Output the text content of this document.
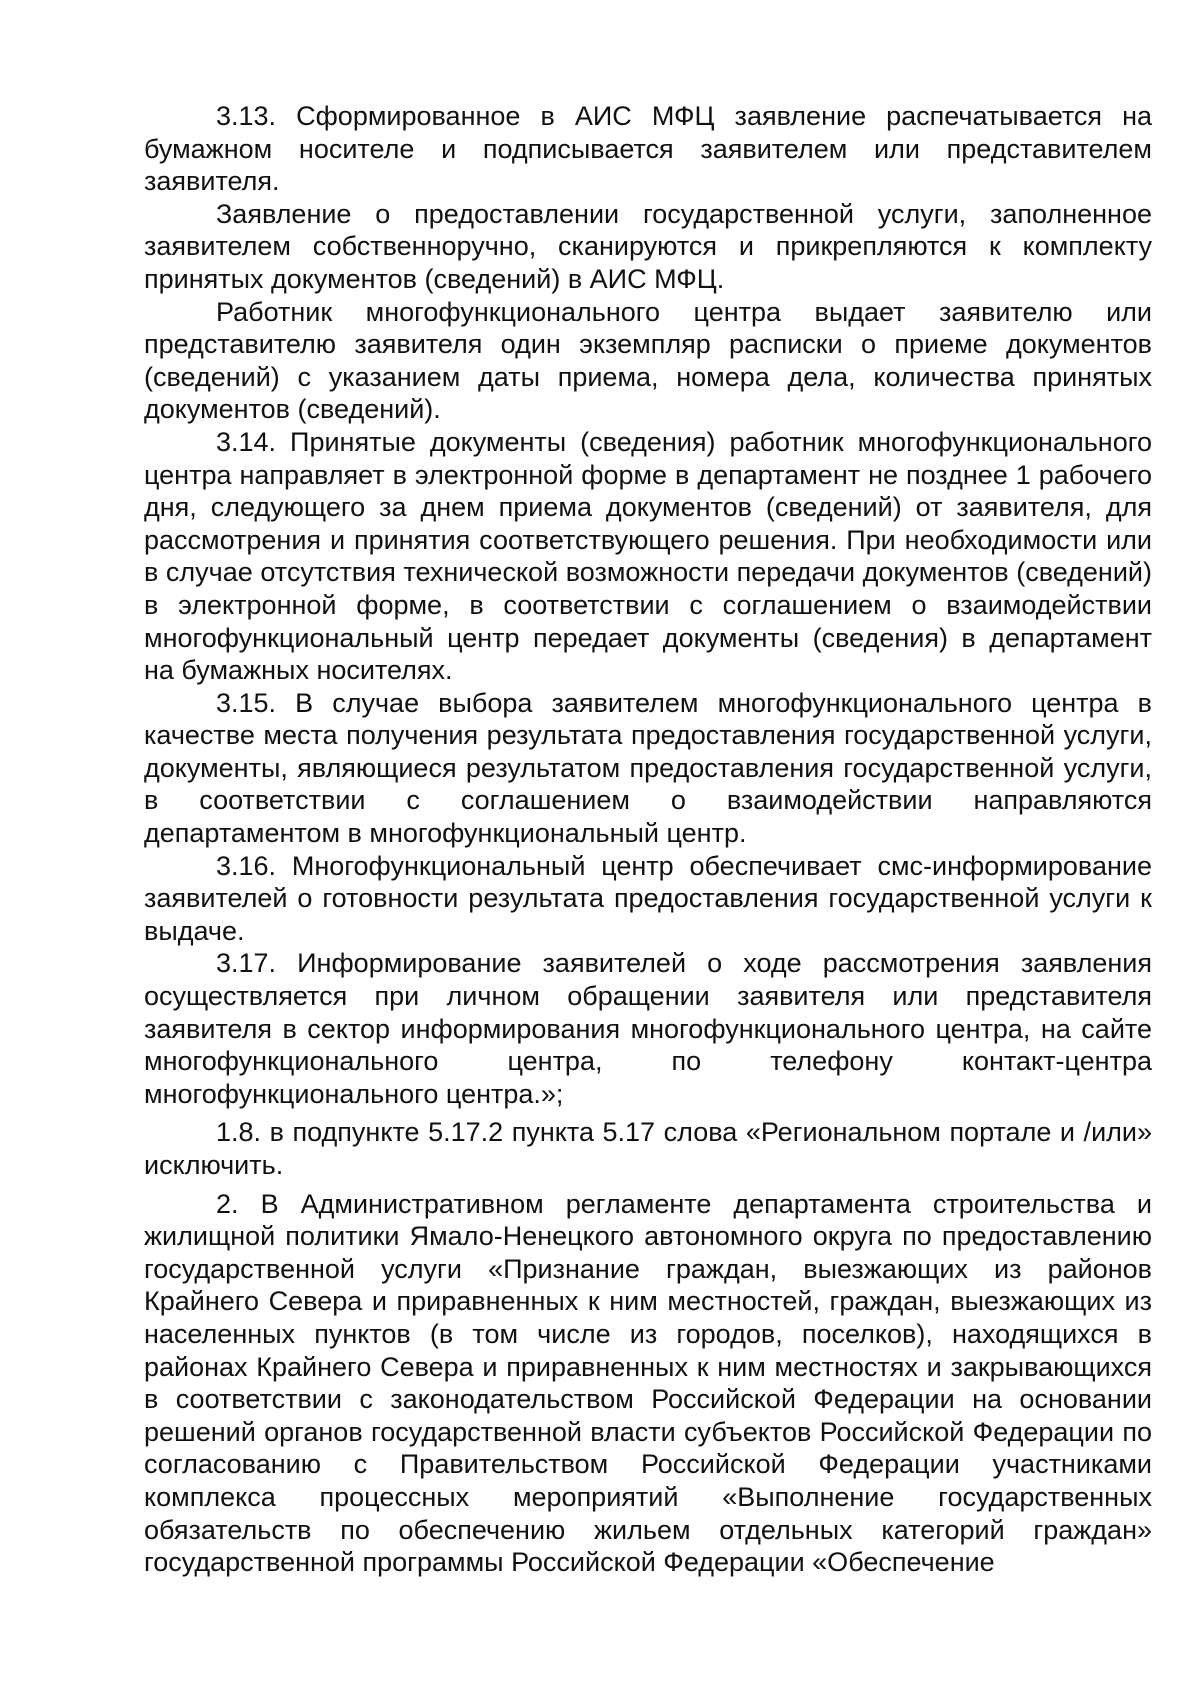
3.13. Сформированное в АИС МФЦ заявление распечатывается на бумажном носителе и подписывается заявителем или представителем заявителя.

Заявление о предоставлении государственной услуги, заполненное заявителем собственноручно, сканируются и прикрепляются к комплекту принятых документов (сведений) в АИС МФЦ.

Работник многофункционального центра выдает заявителю или представителю заявителя один экземпляр расписки о приеме документов (сведений) с указанием даты приема, номера дела, количества принятых документов (сведений).

3.14. Принятые документы (сведения) работник многофункционального центра направляет в электронной форме в департамент не позднее 1 рабочего дня, следующего за днем приема документов (сведений) от заявителя, для рассмотрения и принятия соответствующего решения. При необходимости или в случае отсутствия технической возможности передачи документов (сведений) в электронной форме, в соответствии с соглашением о взаимодействии многофункциональный центр передает документы (сведения) в департамент на бумажных носителях.

3.15. В случае выбора заявителем многофункционального центра в качестве места получения результата предоставления государственной услуги, документы, являющиеся результатом предоставления государственной услуги, в соответствии с соглашением о взаимодействии направляются департаментом в многофункциональный центр.

3.16. Многофункциональный центр обеспечивает смс-информирование заявителей о готовности результата предоставления государственной услуги к выдаче.

3.17. Информирование заявителей о ходе рассмотрения заявления осуществляется при личном обращении заявителя или представителя заявителя в сектор информирования многофункционального центра, на сайте многофункционального центра, по телефону контакт-центра многофункционального центра.»;

1.8. в подпункте 5.17.2 пункта 5.17 слова «Региональном портале и /или» исключить.

2. В Административном регламенте департамента строительства и жилищной политики Ямало-Ненецкого автономного округа по предоставлению государственной услуги «Признание граждан, выезжающих из районов Крайнего Севера и приравненных к ним местностей, граждан, выезжающих из населенных пунктов (в том числе из городов, поселков), находящихся в районах Крайнего Севера и приравненных к ним местностях и закрывающихся в соответствии с законодательством Российской Федерации на основании решений органов государственной власти субъектов Российской Федерации по согласованию с Правительством Российской Федерации участниками комплекса процессных мероприятий «Выполнение государственных обязательств по обеспечению жильем отдельных категорий граждан» государственной программы Российской Федерации «Обеспечение
